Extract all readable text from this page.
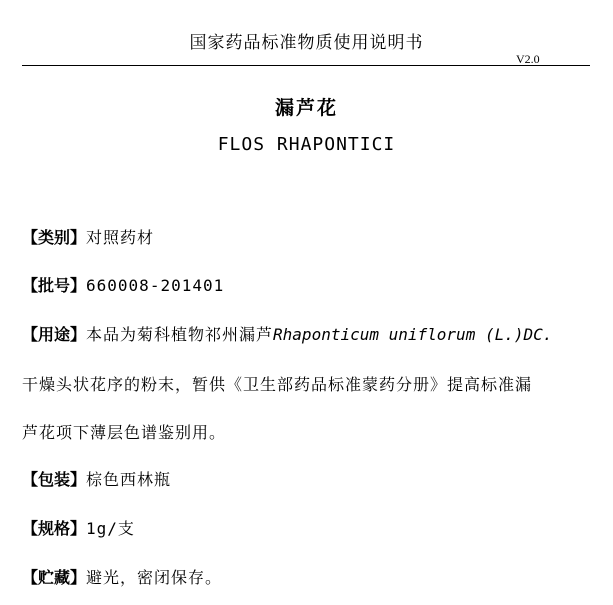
国家药品标准物质使用说明书
V2.0
漏芦花
FLOS RHAPONTICI
【类别】对照药材
【批号】660008-201401
【用途】本品为菊科植物祁州漏芦Rhaponticum uniflorum (L.)DC.
干燥头状花序的粉末，暂供《卫生部药品标准蒙药分册》提高标准漏
芦花项下薄层色谱鉴别用。
【包装】棕色西林瓶
【规格】1g/支
【贮藏】避光，密闭保存。
